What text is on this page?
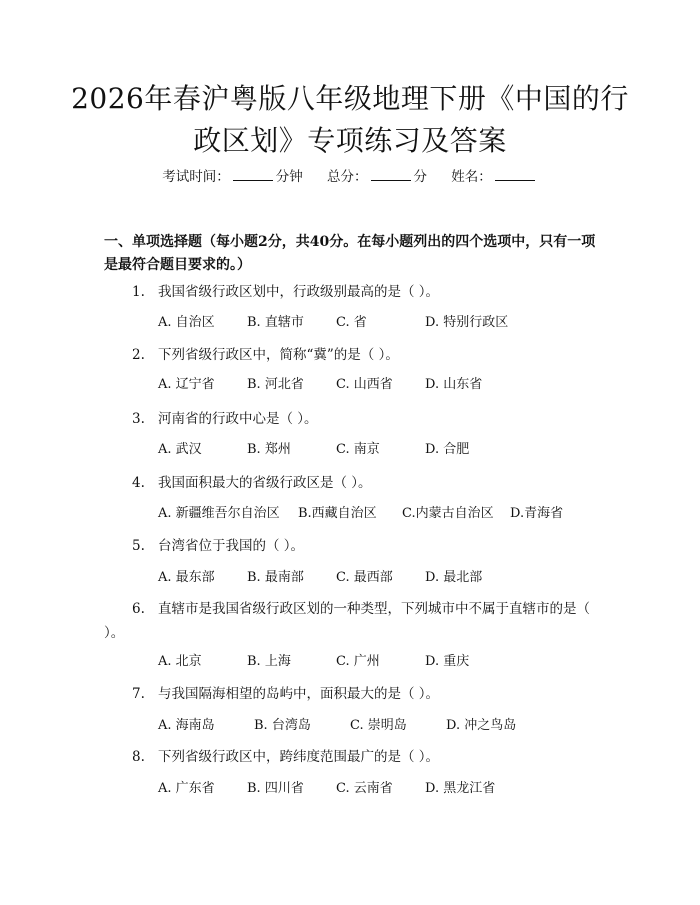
2026年春沪粤版八年级地理下册《中国的行政区划》专项练习及答案
考试时间：	分钟 总分：	分 姓名：
一、单项选择题（每小题2分，共40分。在每小题列出的四个选项中，只有一项是最符合题目要求的。）
1. 我国省级行政区划中，行政级别最高的是（ ）。
A. 自治区 B. 直辖市 C. 省	D. 特别行政区
2. 下列省级行政区中，简称“冀”的是（ ）。
A. 辽宁省 B. 河北省 C. 山西省 D. 山东省
3. 河南省的行政中心是（ ）。
A. 武汉	B. 郑州	C. 南京	D. 合肥
4. 我国面积最大的省级行政区是（ ）。
A. 新疆维吾尔自治区 B.西藏自治区 C.内蒙古自治区 D.青海省
5. 台湾省位于我国的（ ）。
A. 最东部 B. 最南部 C. 最西部 D. 最北部
6. 直辖市是我国省级行政区划的一种类型，下列城市中不属于直辖市的是（ ）。
A. 北京	B. 上海	C. 广州	D. 重庆
7. 与我国隔海相望的岛屿中，面积最大的是（ ）。
A. 海南岛	B. 台湾岛	C. 崇明岛	D. 冲之鸟岛
8. 下列省级行政区中，跨纬度范围最广的是（ ）。
A. 广东省 B. 四川省 C. 云南省 D. 黑龙江省
